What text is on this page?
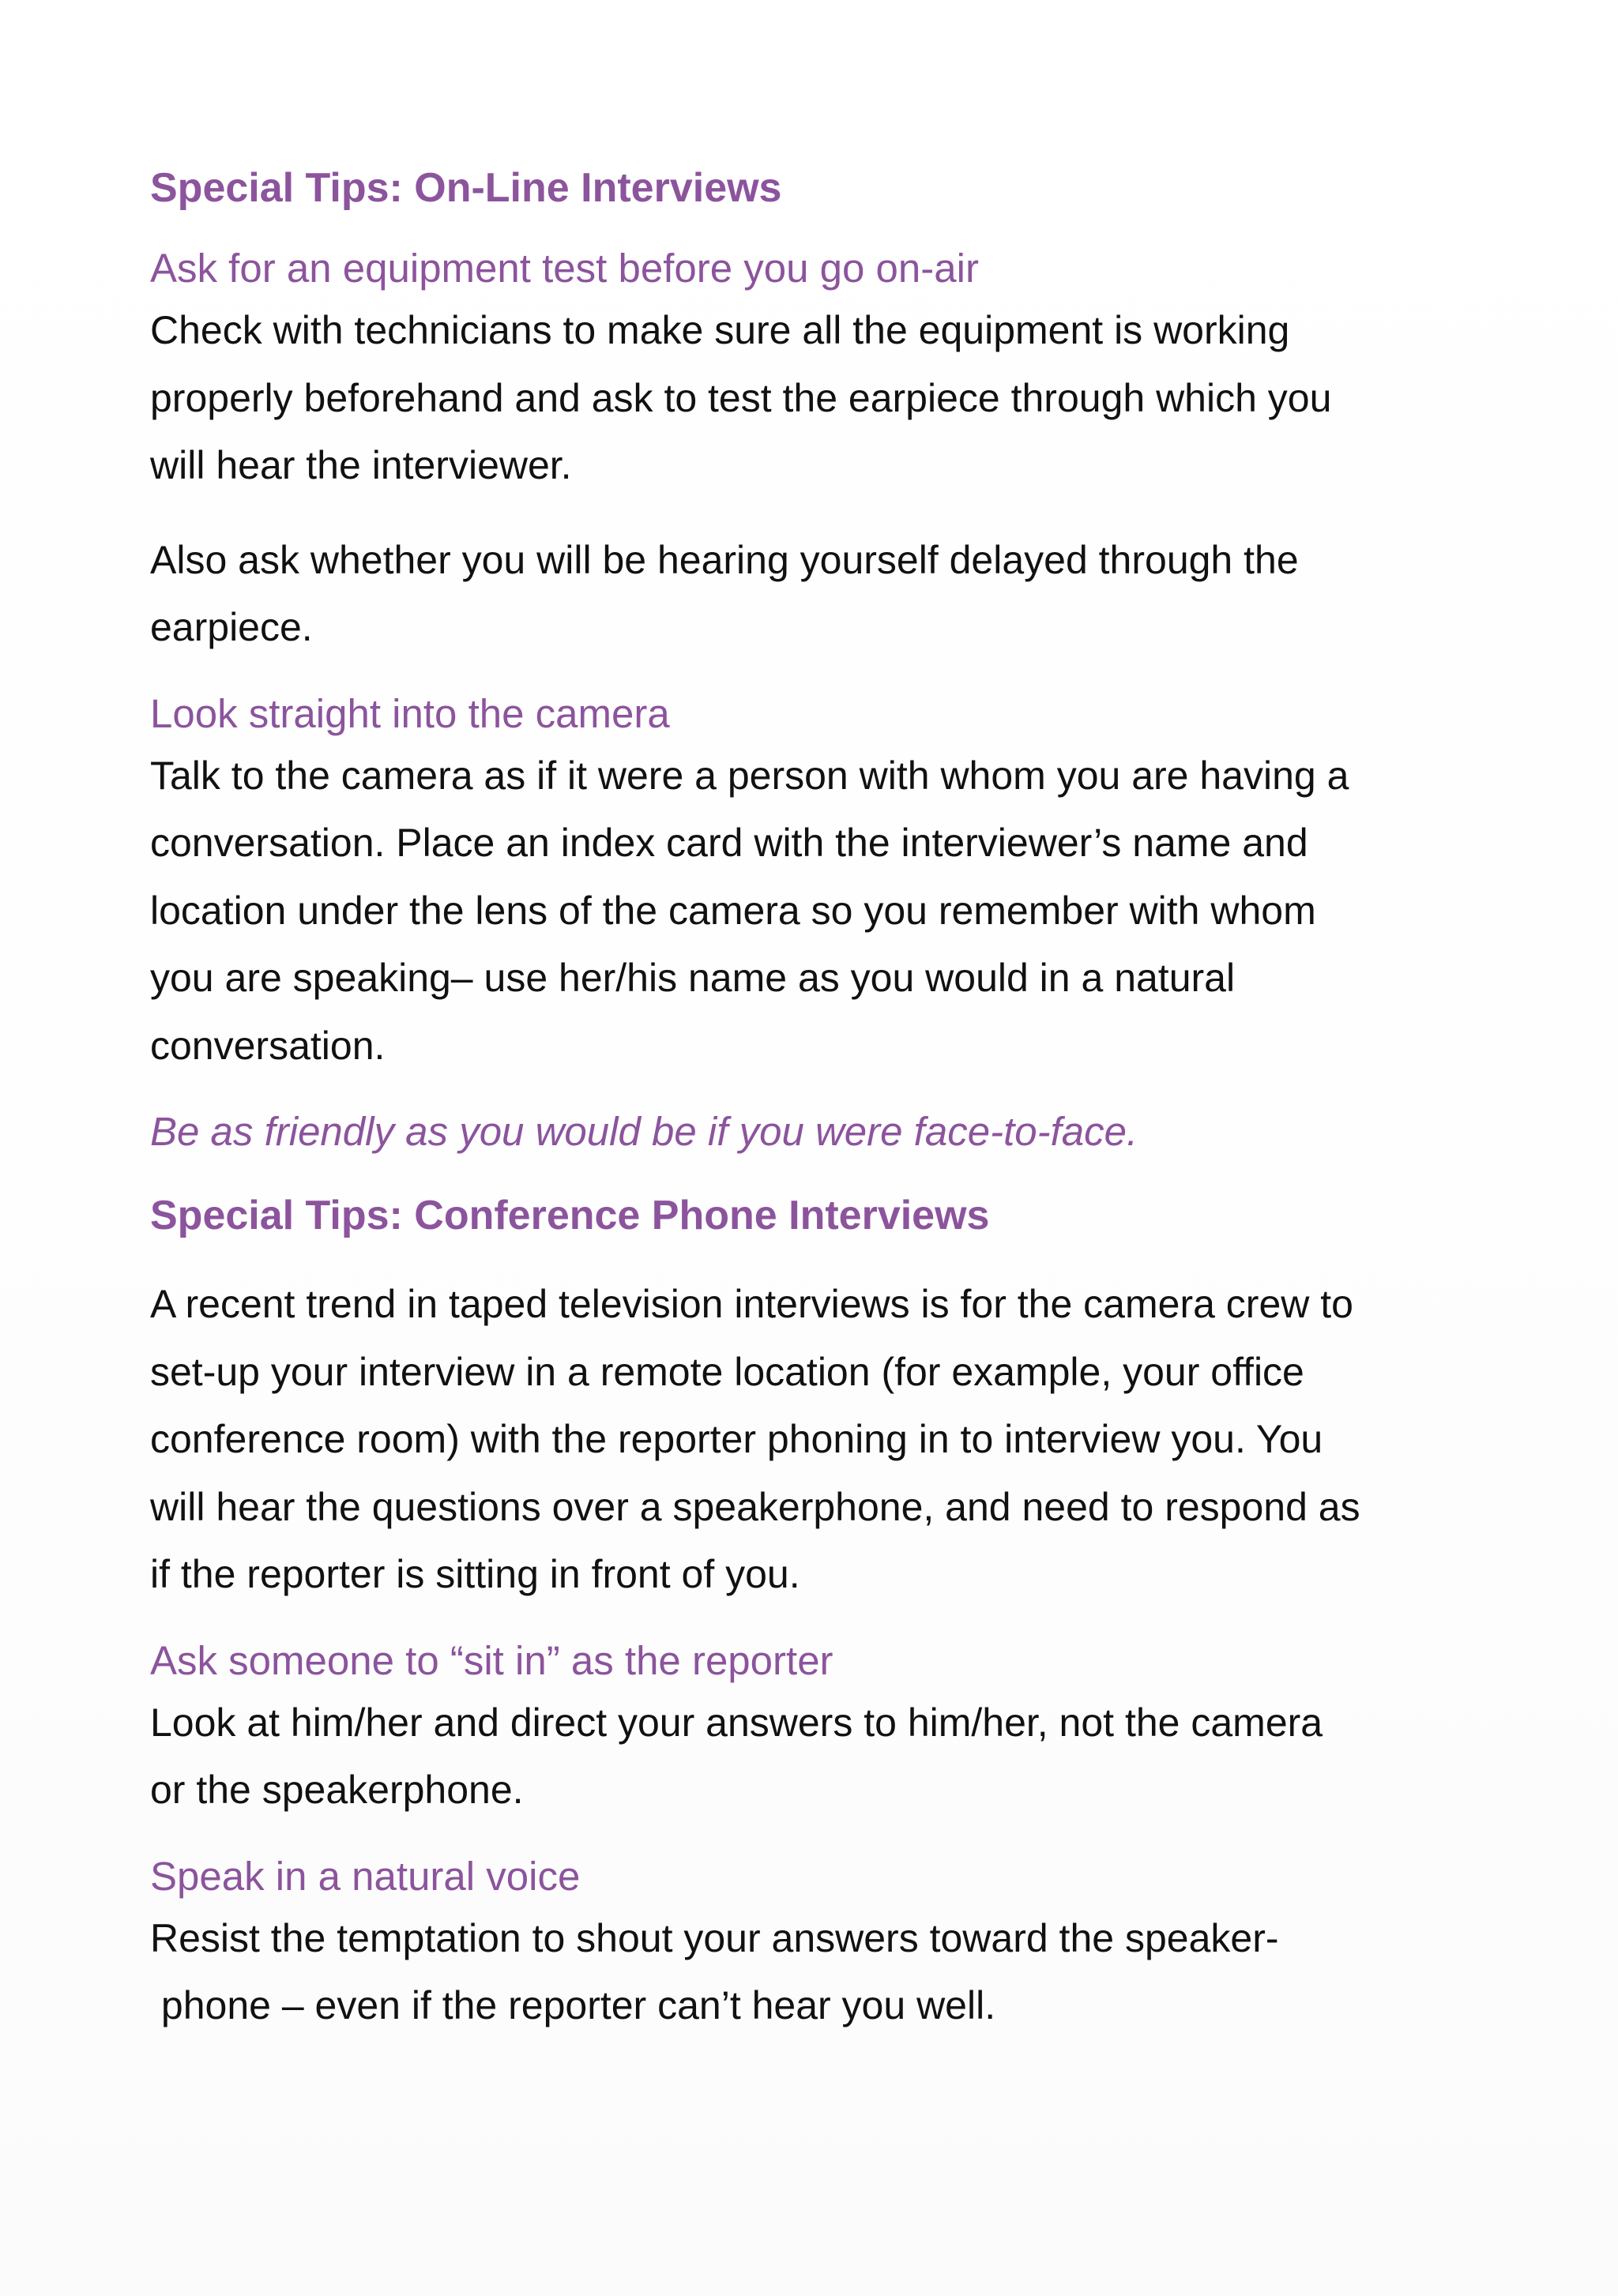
Special Tips: On-Line Interviews
Ask for an equipment test before you go on-air

Check with technicians to make sure all the equipment is working
properly beforehand and ask to test the earpiece through which you
will hear the interviewer.

Also ask whether you will be hearing yourself delayed through the
earpiece.

Look straight into the camera

Talk to the camera as if it were a person with whom you are having a
conversation. Place an index card with the interviewer’s name and
location under the lens of the camera so you remember with whom
you are speaking– use her/his name as you would in a natural
conversation.

Be as friendly as you would be if you were face-to-face.

Special Tips: Conference Phone Interviews

A recent trend in taped television interviews is for the camera crew to
set-up your interview in a remote location (for example, your office
conference room) with the reporter phoning in to interview you. You
will hear the questions over a speakerphone, and need to respond as
if the reporter is sitting in front of you.

Ask someone to “sit in” as the reporter

Look at him/her and direct your answers to him/her, not the camera
or the speakerphone.

Speak in a natural voice

Resist the temptation to shout your answers toward the speaker-
phone – even if the reporter can’t hear you well.
